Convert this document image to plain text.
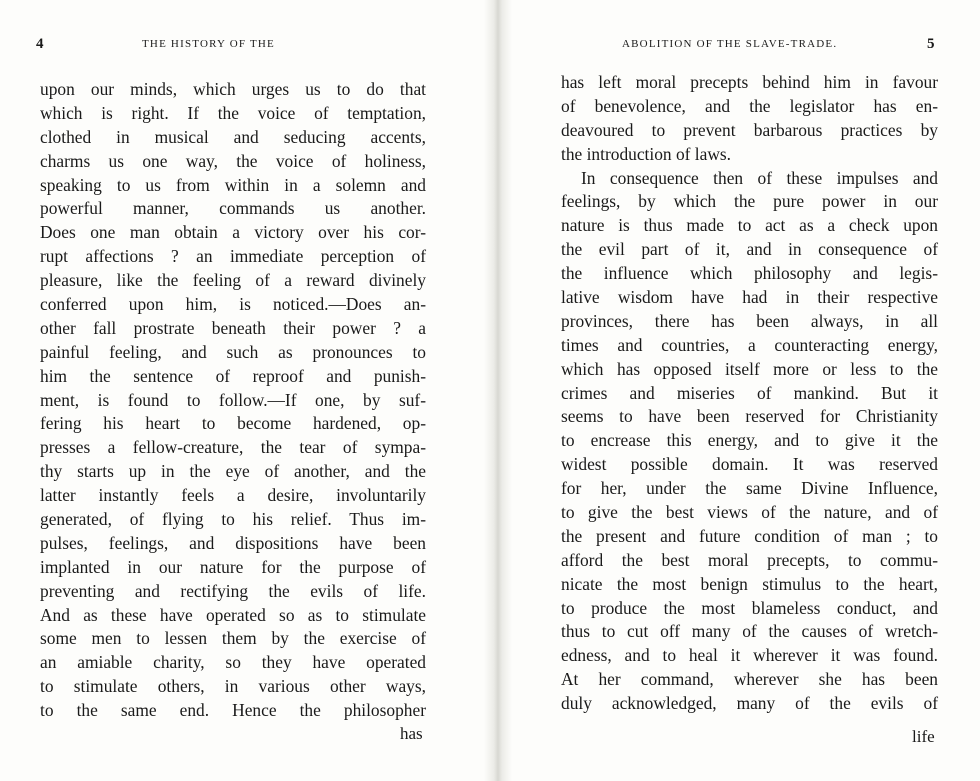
4	THE HISTORY OF THE
upon our minds, which urges us to do that
which is right. If the voice of temptation,
clothed in musical and seducing accents,
charms us one way, the voice of holiness,
speaking to us from within in a solemn and
powerful manner, commands us another.
Does one man obtain a victory over his cor-
rupt affections ? an immediate perception of
pleasure, like the feeling of a reward divinely
conferred upon him, is noticed.—Does an-
other fall prostrate beneath their power ? a
painful feeling, and such as pronounces to
him the sentence of reproof and punish-
ment, is found to follow.—If one, by suf-
fering his heart to become hardened, op-
presses a fellow-creature, the tear of sympa-
thy starts up in the eye of another, and the
latter instantly feels a desire, involuntarily
generated, of flying to his relief. Thus im-
pulses, feelings, and dispositions have been
implanted in our nature for the purpose of
preventing and rectifying the evils of life.
And as these have operated so as to stimulate
some men to lessen them by the exercise of
an amiable charity, so they have operated
to stimulate others, in various other ways,
to the same end. Hence the philosopher
has
ABOLITION OF THE SLAVE-TRADE.	5
has left moral precepts behind him in favour
of benevolence, and the legislator has en-
deavoured to prevent barbarous practices by
the introduction of laws.
In consequence then of these impulses and
feelings, by which the pure power in our
nature is thus made to act as a check upon
the evil part of it, and in consequence of
the influence which philosophy and legis-
lative wisdom have had in their respective
provinces, there has been always, in all
times and countries, a counteracting energy,
which has opposed itself more or less to the
crimes and miseries of mankind. But it
seems to have been reserved for Christianity
to encrease this energy, and to give it the
widest possible domain. It was reserved
for her, under the same Divine Influence,
to give the best views of the nature, and of
the present and future condition of man ; to
afford the best moral precepts, to commu-
nicate the most benign stimulus to the heart,
to produce the most blameless conduct, and
thus to cut off many of the causes of wretch-
edness, and to heal it wherever it was found.
At her command, wherever she has been
duly acknowledged, many of the evils of
life
